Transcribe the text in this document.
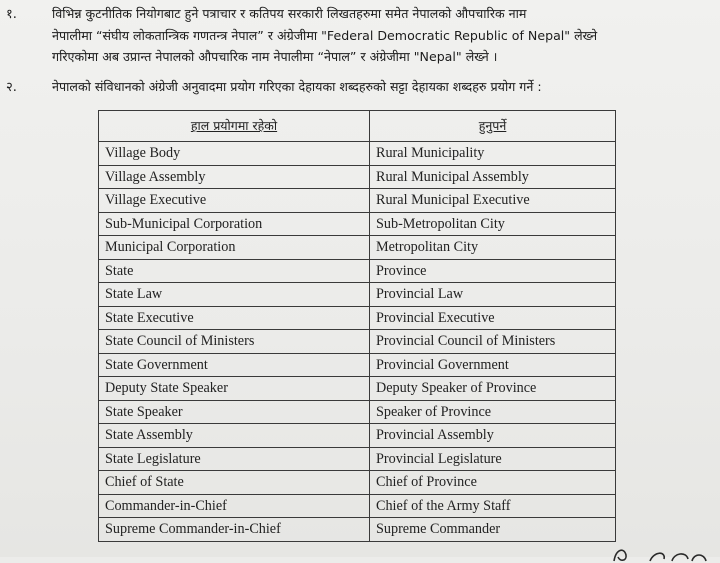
१.	विभिन्न कुटनीतिक नियोगबाट हुने पत्राचार र कतिपय सरकारी लिखतहरुमा समेत नेपालको औपचारिक नाम
नेपालीमा “संघीय लोकतान्त्रिक गणतन्त्र नेपाल” र अंग्रेजीमा "Federal Democratic Republic of Nepal" लेख्ने
गरिएकोमा अब उप्रान्त नेपालको औपचारिक नाम नेपालीमा “नेपाल” र अंग्रेजीमा "Nepal" लेख्ने ।
२.	नेपालको संविधानको अंग्रेजी अनुवादमा प्रयोग गरिएका देहायका शब्दहरुको सट्टा देहायका शब्दहरु प्रयोग गर्ने :
हाल प्रयोगमा रहेको	हुनुपर्ने
Village Body	Rural Municipality
Village Assembly	Rural Municipal Assembly
Village Executive	Rural Municipal Executive
Sub-Municipal Corporation	Sub-Metropolitan City
Municipal Corporation	Metropolitan City
State	Province
State Law	Provincial Law
State Executive	Provincial Executive
State Council of Ministers	Provincial Council of Ministers
State Government	Provincial Government
Deputy State Speaker	Deputy Speaker of Province
State Speaker	Speaker of Province
State Assembly	Provincial Assembly
State Legislature	Provincial Legislature
Chief of State	Chief of Province
Commander-in-Chief	Chief of the Army Staff
Supreme Commander-in-Chief	Supreme Commander
